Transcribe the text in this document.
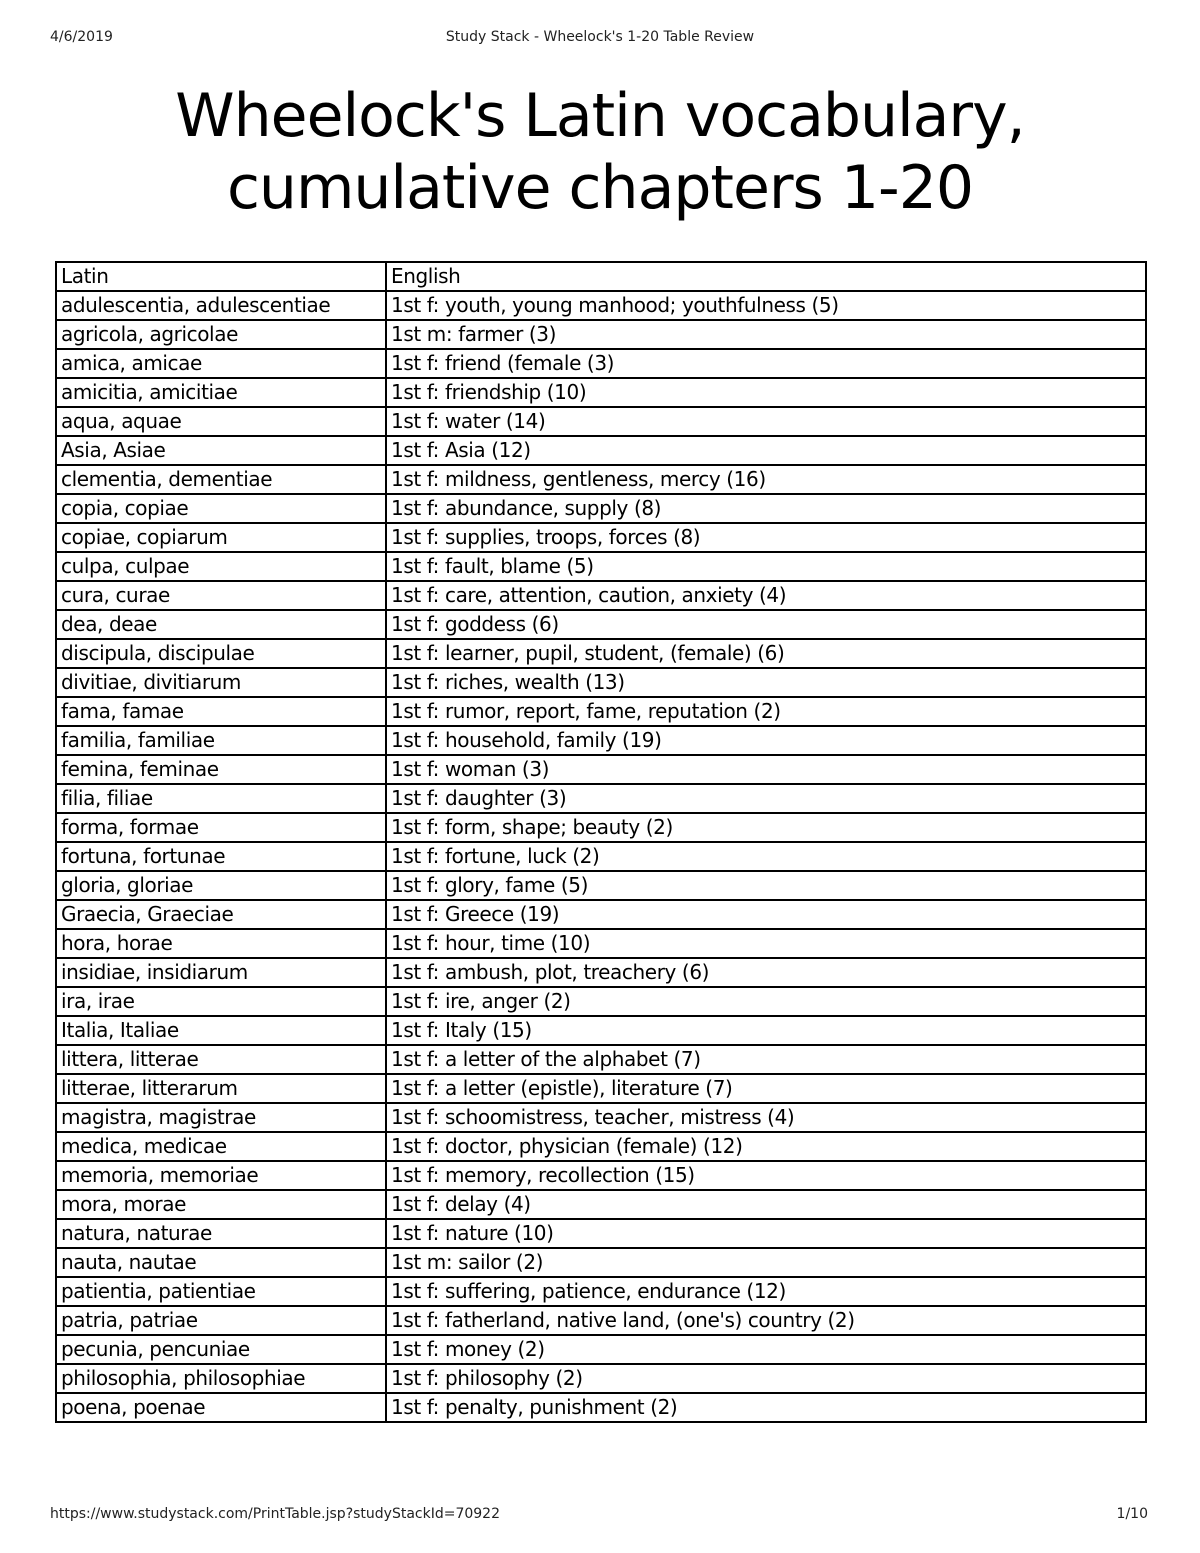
4/6/2019	Study Stack - Wheelock's 1-20 Table Review
Wheelock's Latin vocabulary,
cumulative chapters 1-20
Latin	English
adulescentia, adulescentiae	1st f: youth, young manhood; youthfulness (5)
agricola, agricolae	1st m: farmer (3)
amica, amicae	1st f: friend (female (3)
amicitia, amicitiae	1st f: friendship (10)
aqua, aquae	1st f: water (14)
Asia, Asiae	1st f: Asia (12)
clementia, dementiae	1st f: mildness, gentleness, mercy (16)
copia, copiae	1st f: abundance, supply (8)
copiae, copiarum	1st f: supplies, troops, forces (8)
culpa, culpae	1st f: fault, blame (5)
cura, curae	1st f: care, attention, caution, anxiety (4)
dea, deae	1st f: goddess (6)
discipula, discipulae	1st f: learner, pupil, student, (female) (6)
divitiae, divitiarum	1st f: riches, wealth (13)
fama, famae	1st f: rumor, report, fame, reputation (2)
familia, familiae	1st f: household, family (19)
femina, feminae	1st f: woman (3)
filia, filiae	1st f: daughter (3)
forma, formae	1st f: form, shape; beauty (2)
fortuna, fortunae	1st f: fortune, luck (2)
gloria, gloriae	1st f: glory, fame (5)
Graecia, Graeciae	1st f: Greece (19)
hora, horae	1st f: hour, time (10)
insidiae, insidiarum	1st f: ambush, plot, treachery (6)
ira, irae	1st f: ire, anger (2)
Italia, Italiae	1st f: Italy (15)
littera, litterae	1st f: a letter of the alphabet (7)
litterae, litterarum	1st f: a letter (epistle), literature (7)
magistra, magistrae	1st f: schoomistress, teacher, mistress (4)
medica, medicae	1st f: doctor, physician (female) (12)
memoria, memoriae	1st f: memory, recollection (15)
mora, morae	1st f: delay (4)
natura, naturae	1st f: nature (10)
nauta, nautae	1st m: sailor (2)
patientia, patientiae	1st f: suffering, patience, endurance (12)
patria, patriae	1st f: fatherland, native land, (one's) country (2)
pecunia, pencuniae	1st f: money (2)
philosophia, philosophiae	1st f: philosophy (2)
poena, poenae	1st f: penalty, punishment (2)
https://www.studystack.com/PrintTable.jsp?studyStackId=70922	1/10
